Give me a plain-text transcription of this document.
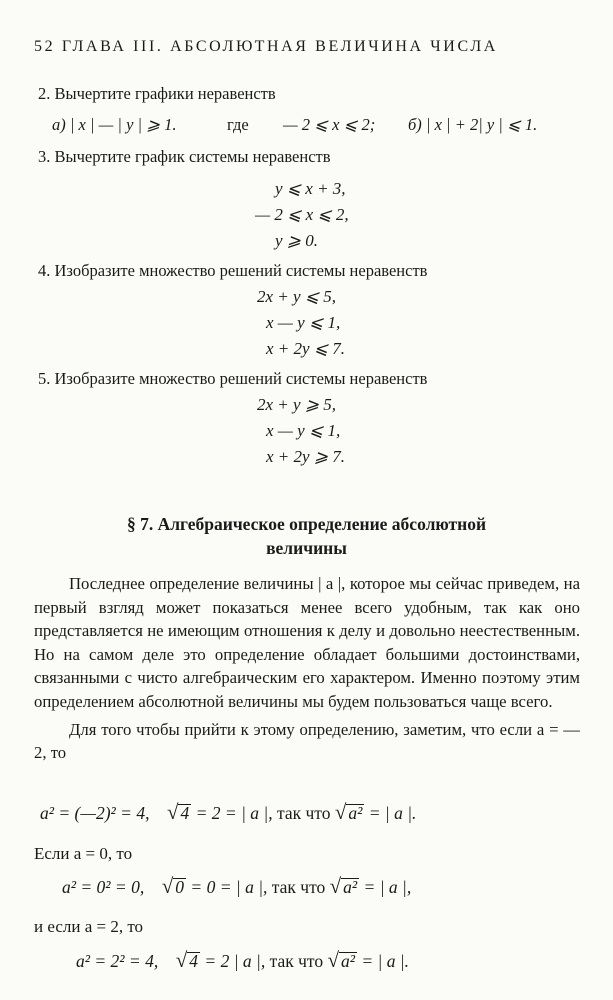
52 ГЛАВА III. АБСОЛЮТНАЯ ВЕЛИЧИНА ЧИСЛА
2. Вычертите графики неравенств
а) | x | — | y | ⩾ 1.	где — 2 ⩽ x ⩽ 2; б) | x | + 2| y | ⩽ 1.
3. Вычертите график системы неравенств
y ⩽ x + 3,
— 2 ⩽ x ⩽ 2,
y ⩾ 0.
4. Изобразите множество решений системы неравенств
2x + y ⩽ 5,
x — y ⩽ 1,
x + 2y ⩽ 7.
5. Изобразите множество решений системы неравенств
2x + y ⩾ 5,
x — y ⩽ 1,
x + 2y ⩾ 7.
§ 7. Алгебраическое определение абсолютной
величины

Последнее определение величины | a |, которое мы сейчас приведем, на первый взгляд может показаться менее всего удобным, так как оно представляется не имеющим отношения к делу и довольно неестественным. Но на самом деле это определение обладает большими достоинствами, связанными с чисто алгебраическим его характером. Именно поэтому этим определением абсолютной величины мы будем пользоваться чаще всего.

Для того чтобы прийти к этому определению, заметим, что если a = — 2, то

a² = (—2)² = 4, √ 4 = 2 = | a |, так что √ a² = | a |.
Если a = 0, то
a² = 0² = 0, √ 0 = 0 = | a |, так что √ a² = | a |,
и если a = 2, то
a² = 2² = 4, √ 4 = 2 | a |, так что √ a² = | a |.
